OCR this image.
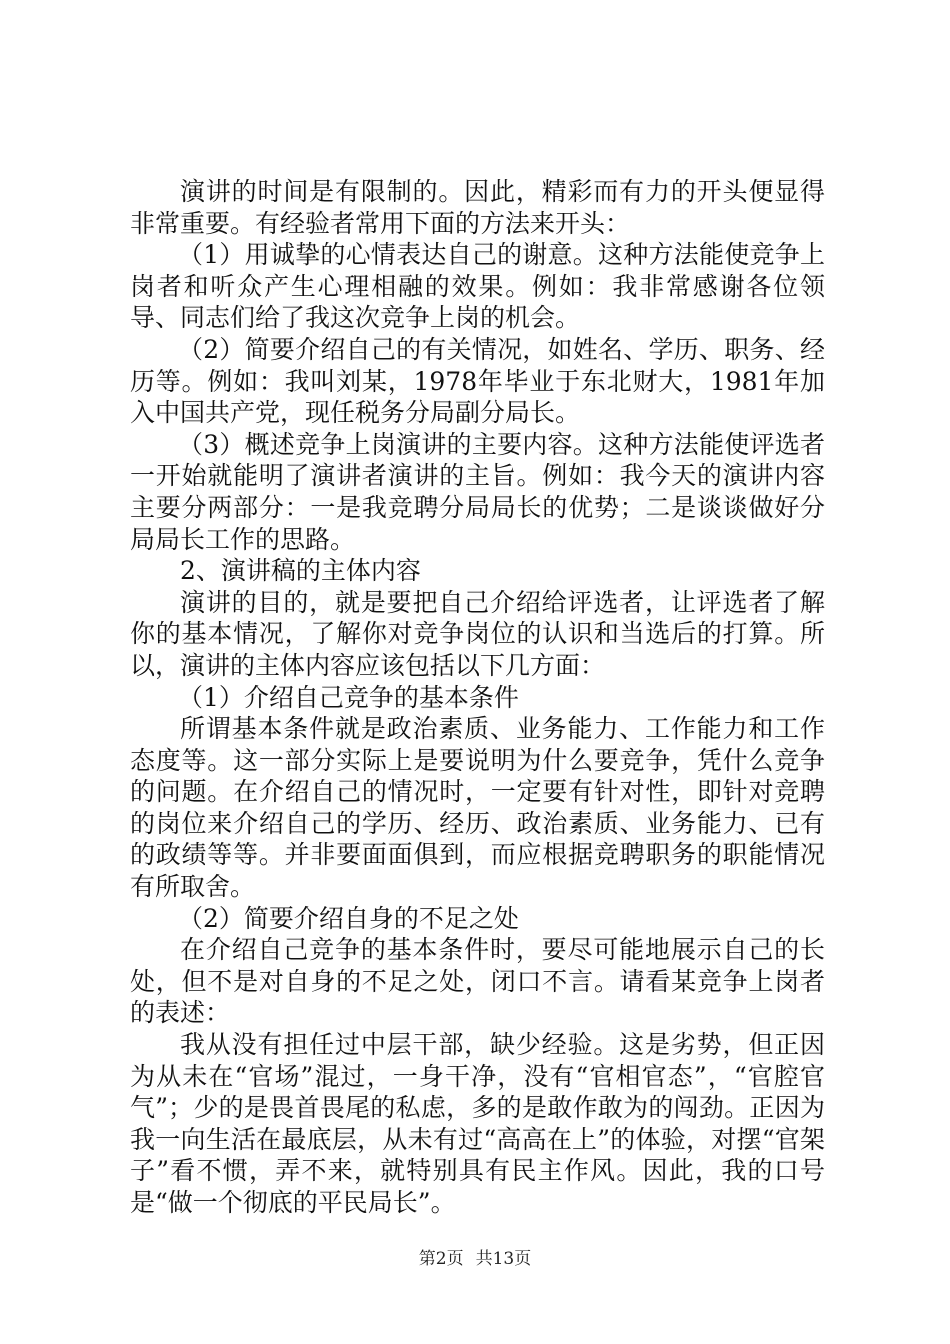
演讲的时间是有限制的。因此，精彩而有力的开头便显得非常重要。有经验者常用下面的方法来开头：

（1）用诚挚的心情表达自己的谢意。这种方法能使竞争上岗者和听众产生心理相融的效果。例如：我非常感谢各位领导、同志们给了我这次竞争上岗的机会。

（2）简要介绍自己的有关情况，如姓名、学历、职务、经历等。例如：我叫刘某，1978年毕业于东北财大，1981年加入中国共产党，现任税务分局副分局长。

（3）概述竞争上岗演讲的主要内容。这种方法能使评选者一开始就能明了演讲者演讲的主旨。例如：我今天的演讲内容主要分两部分：一是我竞聘分局局长的优势；二是谈谈做好分局局长工作的思路。

2、演讲稿的主体内容

演讲的目的，就是要把自己介绍给评选者，让评选者了解你的基本情况，了解你对竞争岗位的认识和当选后的打算。所以，演讲的主体内容应该包括以下几方面：

（1）介绍自己竞争的基本条件

所谓基本条件就是政治素质、业务能力、工作能力和工作态度等。这一部分实际上是要说明为什么要竞争，凭什么竞争的问题。在介绍自己的情况时，一定要有针对性，即针对竞聘的岗位来介绍自己的学历、经历、政治素质、业务能力、已有的政绩等等。并非要面面俱到，而应根据竞聘职务的职能情况有所取舍。

（2）简要介绍自身的不足之处

在介绍自己竞争的基本条件时，要尽可能地展示自己的长处，但不是对自身的不足之处，闭口不言。请看某竞争上岗者的表述：

我从没有担任过中层干部，缺少经验。这是劣势，但正因为从未在“官场”混过，一身干净，没有“官相官态”，“官腔官气”；少的是畏首畏尾的私虑，多的是敢作敢为的闯劲。正因为我一向生活在最底层，从未有过“高高在上”的体验，对摆“官架子”看不惯，弄不来，就特别具有民主作风。因此，我的口号是“做一个彻底的平民局长”。

第2页 共13页
